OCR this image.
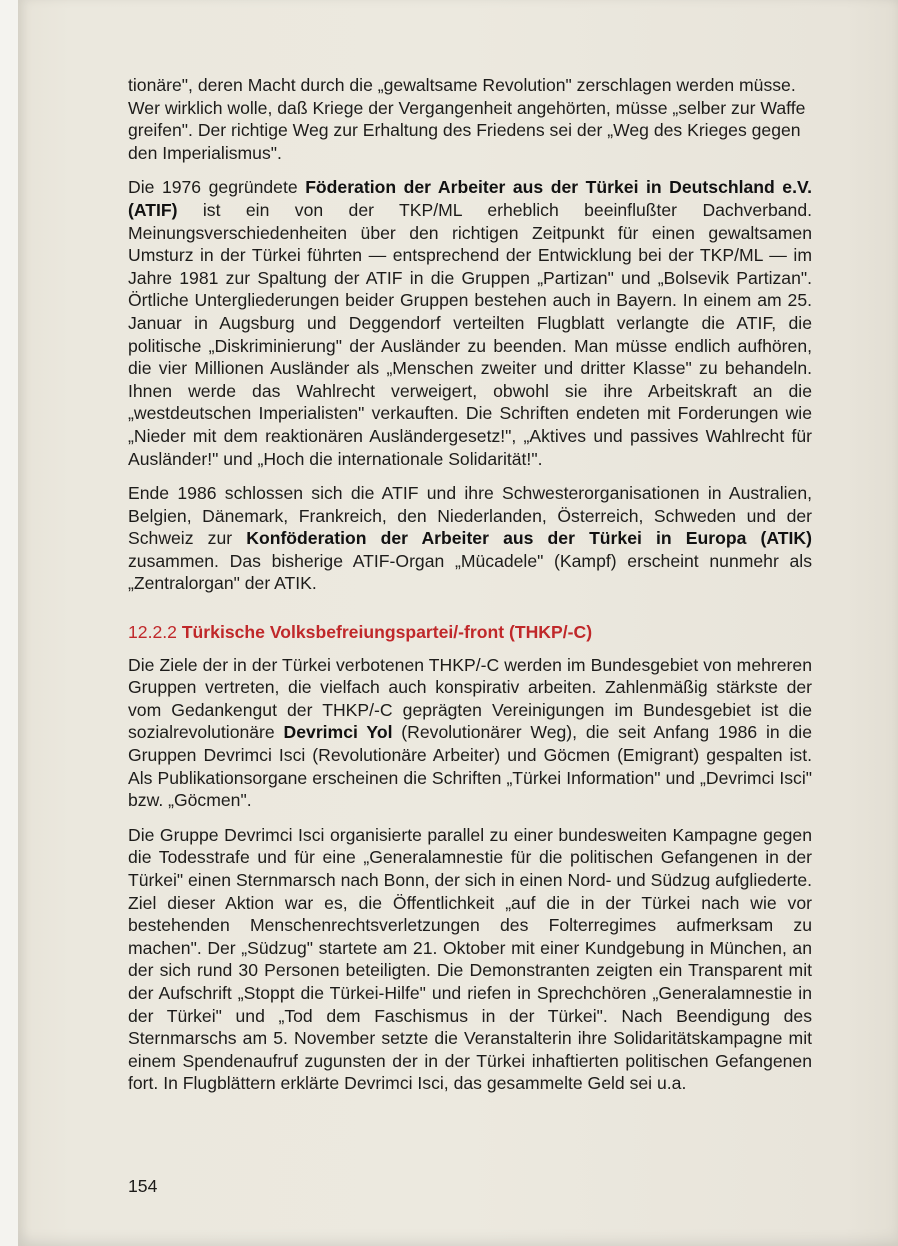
tionäre", deren Macht durch die „gewaltsame Revolution" zerschlagen werden müsse. Wer wirklich wolle, daß Kriege der Vergangenheit angehörten, müsse „selber zur Waffe greifen". Der richtige Weg zur Erhaltung des Friedens sei der „Weg des Krieges gegen den Imperialismus".

Die 1976 gegründete Föderation der Arbeiter aus der Türkei in Deutschland e.V. (ATIF) ist ein von der TKP/ML erheblich beeinflußter Dachverband. Meinungsverschiedenheiten über den richtigen Zeitpunkt für einen gewaltsamen Umsturz in der Türkei führten — entsprechend der Entwicklung bei der TKP/ML — im Jahre 1981 zur Spaltung der ATIF in die Gruppen „Partizan" und „Bolsevik Partizan". Örtliche Untergliederungen beider Gruppen bestehen auch in Bayern. In einem am 25. Januar in Augsburg und Deggendorf verteilten Flugblatt verlangte die ATIF, die politische „Diskriminierung" der Ausländer zu beenden. Man müsse endlich aufhören, die vier Millionen Ausländer als „Menschen zweiter und dritter Klasse" zu behandeln. Ihnen werde das Wahlrecht verweigert, obwohl sie ihre Arbeitskraft an die „westdeutschen Imperialisten" verkauften. Die Schriften endeten mit Forderungen wie „Nieder mit dem reaktionären Ausländergesetz!", „Aktives und passives Wahlrecht für Ausländer!" und „Hoch die internationale Solidarität!".

Ende 1986 schlossen sich die ATIF und ihre Schwesterorganisationen in Australien, Belgien, Dänemark, Frankreich, den Niederlanden, Österreich, Schweden und der Schweiz zur Konföderation der Arbeiter aus der Türkei in Europa (ATIK) zusammen. Das bisherige ATIF-Organ „Mücadele" (Kampf) erscheint nunmehr als „Zentralorgan" der ATIK.

12.2.2 Türkische Volksbefreiungspartei/-front (THKP/-C)

Die Ziele der in der Türkei verbotenen THKP/-C werden im Bundesgebiet von mehreren Gruppen vertreten, die vielfach auch konspirativ arbeiten. Zahlenmäßig stärkste der vom Gedankengut der THKP/-C geprägten Vereinigungen im Bundesgebiet ist die sozialrevolutionäre Devrimci Yol (Revolutionärer Weg), die seit Anfang 1986 in die Gruppen Devrimci Isci (Revolutionäre Arbeiter) und Göcmen (Emigrant) gespalten ist. Als Publikationsorgane erscheinen die Schriften „Türkei Information" und „Devrimci Isci" bzw. „Göcmen".

Die Gruppe Devrimci Isci organisierte parallel zu einer bundesweiten Kampagne gegen die Todesstrafe und für eine „Generalamnestie für die politischen Gefangenen in der Türkei" einen Sternmarsch nach Bonn, der sich in einen Nord- und Südzug aufgliederte. Ziel dieser Aktion war es, die Öffentlichkeit „auf die in der Türkei nach wie vor bestehenden Menschenrechtsverletzungen des Folterregimes aufmerksam zu machen". Der „Südzug" startete am 21. Oktober mit einer Kundgebung in München, an der sich rund 30 Personen beteiligten. Die Demonstranten zeigten ein Transparent mit der Aufschrift „Stoppt die Türkei-Hilfe" und riefen in Sprechchören „Generalamnestie in der Türkei" und „Tod dem Faschismus in der Türkei". Nach Beendigung des Sternmarschs am 5. November setzte die Veranstalterin ihre Solidaritätskampagne mit einem Spendenaufruf zugunsten der in der Türkei inhaftierten politischen Gefangenen fort. In Flugblättern erklärte Devrimci Isci, das gesammelte Geld sei u.a.

154
